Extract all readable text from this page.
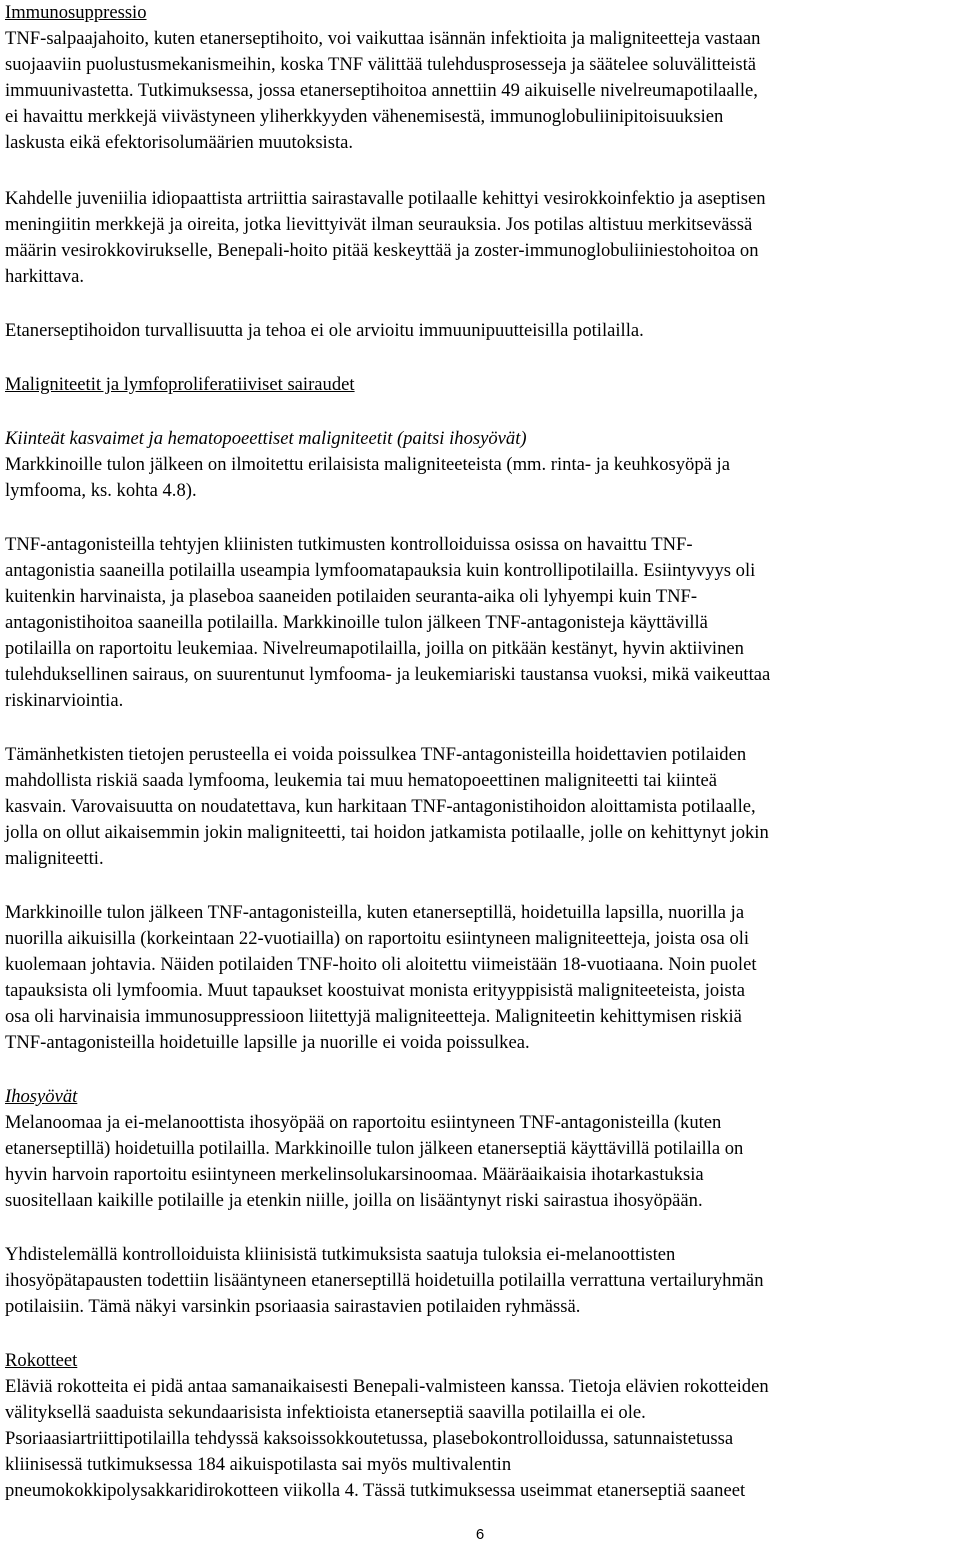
Immunosuppressio
TNF-salpaajahoito, kuten etanerseptihoito, voi vaikuttaa isännän infektioita ja maligniteetteja vastaan
suojaaviin puolustusmekanismeihin, koska TNF välittää tulehdusprosesseja ja säätelee soluvälitteistä
immuunivastetta. Tutkimuksessa, jossa etanerseptihoitoa annettiin 49 aikuiselle nivelreumapotilaalle,
ei havaittu merkkejä viivästyneen yliherkkyyden vähenemisestä, immunoglobuliinipitoisuuksien
laskusta eikä efektorisolumäärien muutoksista.
Kahdelle juveniilia idiopaattista artriittia sairastavalle potilaalle kehittyi vesirokkoinfektio ja aseptisen
meningiitin merkkejä ja oireita, jotka lievittyivät ilman seurauksia. Jos potilas altistuu merkitsevässä
määrin vesirokkovirukselle, Benepali-hoito pitää keskeyttää ja zoster-immunoglobuliiniestohoitoa on
harkittava.
Etanerseptihoidon turvallisuutta ja tehoa ei ole arvioitu immuunipuutteisilla potilailla.
Maligniteetit ja lymfoproliferatiiviset sairaudet
Kiinteät kasvaimet ja hematopoeettiset maligniteetit (paitsi ihosyövät)
Markkinoille tulon jälkeen on ilmoitettu erilaisista maligniteeteista (mm. rinta- ja keuhkosyöpä ja
lymfooma, ks. kohta 4.8).
TNF-antagonisteilla tehtyjen kliinisten tutkimusten kontrolloiduissa osissa on havaittu TNF-
antagonistia saaneilla potilailla useampia lymfoomatapauksia kuin kontrollipotilailla. Esiintyvyys oli
kuitenkin harvinaista, ja plaseboa saaneiden potilaiden seuranta-aika oli lyhyempi kuin TNF-
antagonistihoitoa saaneilla potilailla. Markkinoille tulon jälkeen TNF-antagonisteja käyttävillä
potilailla on raportoitu leukemiaa. Nivelreumapotilailla, joilla on pitkään kestänyt, hyvin aktiivinen
tulehduksellinen sairaus, on suurentunut lymfooma- ja leukemiariski taustansa vuoksi, mikä vaikeuttaa
riskinarviointia.
Tämänhetkisten tietojen perusteella ei voida poissulkea TNF-antagonisteilla hoidettavien potilaiden
mahdollista riskiä saada lymfooma, leukemia tai muu hematopoeettinen maligniteetti tai kiinteä
kasvain. Varovaisuutta on noudatettava, kun harkitaan TNF-antagonistihoidon aloittamista potilaalle,
jolla on ollut aikaisemmin jokin maligniteetti, tai hoidon jatkamista potilaalle, jolle on kehittynyt jokin
maligniteetti.
Markkinoille tulon jälkeen TNF-antagonisteilla, kuten etanerseptillä, hoidetuilla lapsilla, nuorilla ja
nuorilla aikuisilla (korkeintaan 22-vuotiailla) on raportoitu esiintyneen maligniteetteja, joista osa oli
kuolemaan johtavia. Näiden potilaiden TNF-hoito oli aloitettu viimeistään 18-vuotiaana. Noin puolet
tapauksista oli lymfoomia. Muut tapaukset koostuivat monista erityyppisistä maligniteeteista, joista
osa oli harvinaisia immunosuppressioon liitettyjä maligniteetteja. Maligniteetin kehittymisen riskiä
TNF-antagonisteilla hoidetuille lapsille ja nuorille ei voida poissulkea.
Ihosyövät
Melanoomaa ja ei-melanoottista ihosyöpää on raportoitu esiintyneen TNF-antagonisteilla (kuten
etanerseptillä) hoidetuilla potilailla. Markkinoille tulon jälkeen etanerseptiä käyttävillä potilailla on
hyvin harvoin raportoitu esiintyneen merkelinsolukarsinoomaa. Määräaikaisia ihotarkastuksia
suositellaan kaikille potilaille ja etenkin niille, joilla on lisääntynyt riski sairastua ihosyöpään.
Yhdistelemällä kontrolloiduista kliinisistä tutkimuksista saatuja tuloksia ei-melanoottisten
ihosyöpätapausten todettiin lisääntyneen etanerseptillä hoidetuilla potilailla verrattuna vertailuryhmän
potilaisiin. Tämä näkyi varsinkin psoriaasia sairastavien potilaiden ryhmässä.
Rokotteet
Eläviä rokotteita ei pidä antaa samanaikaisesti Benepali-valmisteen kanssa. Tietoja elävien rokotteiden
välityksellä saaduista sekundaarisista infektioista etanerseptiä saavilla potilailla ei ole.
Psoriaasiartriittipotilailla tehdyssä kaksoissokkoutetussa, plasebokontrolloidussa, satunnaistetussa
kliinisessä tutkimuksessa 184 aikuispotilasta sai myös multivalentin
pneumokokkipolysakkaridirokotteen viikolla 4. Tässä tutkimuksessa useimmat etanerseptiä saaneet
6
